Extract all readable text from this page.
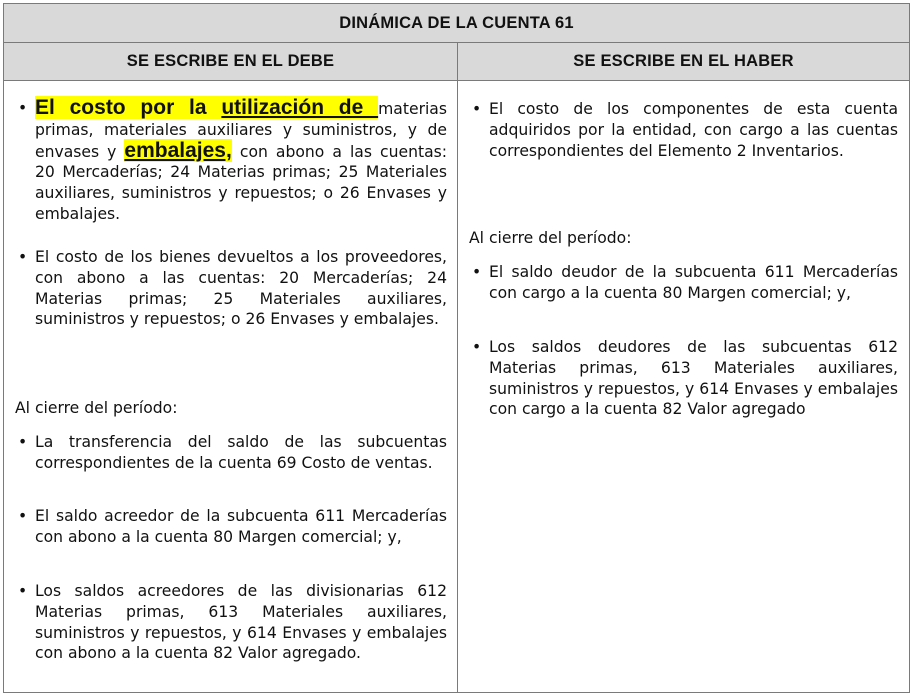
DINÁMICA DE LA CUENTA 61
SE ESCRIBE EN EL DEBE	SE ESCRIBE EN EL HABER
• El costo por la utilización de materias primas, materiales auxiliares y suministros, y de envases y embalajes, con abono a las cuentas: 20 Mercaderías; 24 Materias primas; 25 Materiales auxiliares, suministros y repuestos; o 26 Envases y embalajes.
• El costo de los bienes devueltos a los proveedores, con abono a las cuentas: 20 Mercaderías; 24 Materias primas; 25 Materiales auxiliares, suministros y repuestos; o 26 Envases y embalajes.
Al cierre del período:
• La transferencia del saldo de las subcuentas correspondientes de la cuenta 69 Costo de ventas.
• El saldo acreedor de la subcuenta 611 Mercaderías con abono a la cuenta 80 Margen comercial; y,
• Los saldos acreedores de las divisionarias 612 Materias primas, 613 Materiales auxiliares, suministros y repuestos, y 614 Envases y embalajes con abono a la cuenta 82 Valor agregado.
• El costo de los componentes de esta cuenta adquiridos por la entidad, con cargo a las cuentas correspondientes del Elemento 2 Inventarios.
Al cierre del período:
• El saldo deudor de la subcuenta 611 Mercaderías con cargo a la cuenta 80 Margen comercial; y,
• Los saldos deudores de las subcuentas 612 Materias primas, 613 Materiales auxiliares, suministros y repuestos, y 614 Envases y embalajes con cargo a la cuenta 82 Valor agregado
